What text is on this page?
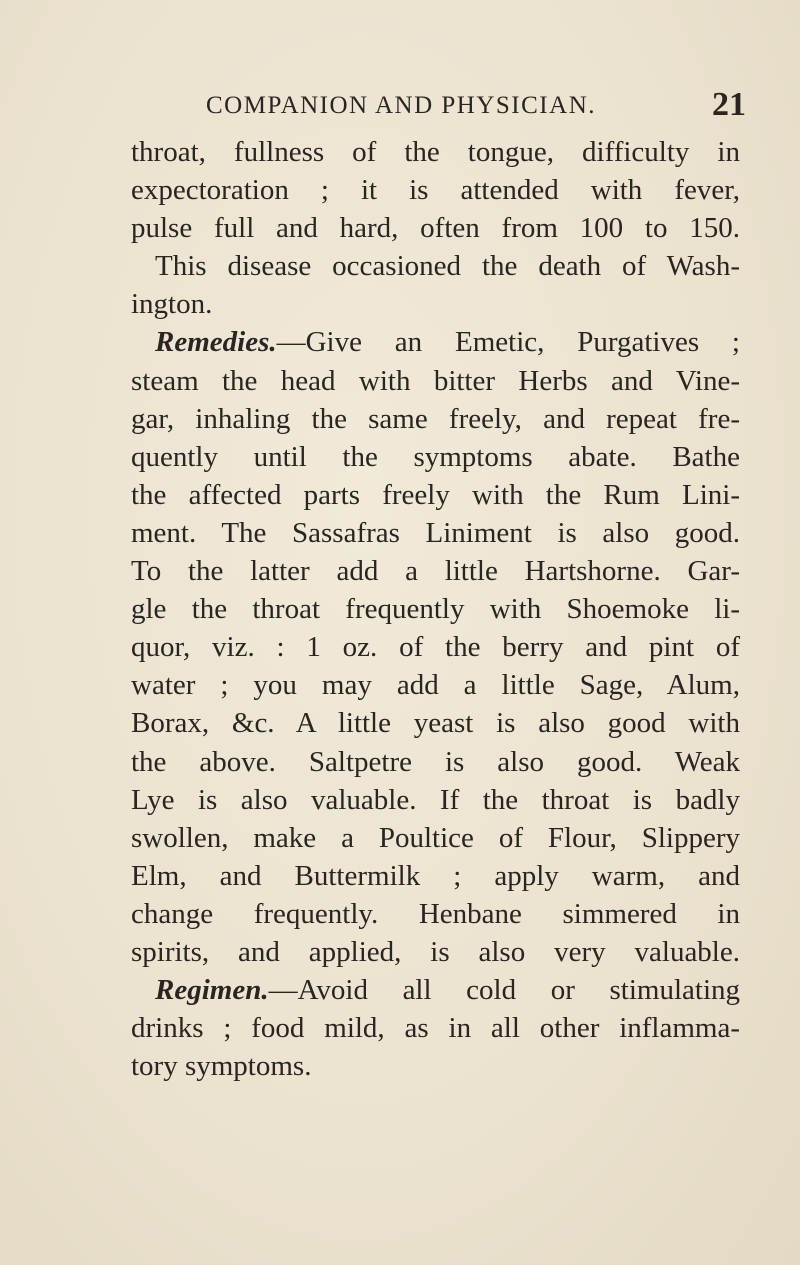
COMPANION AND PHYSICIAN.	21
throat, fullness of the tongue, difficulty in
expectoration ; it is attended with fever,
pulse full and hard, often from 100 to 150.
This disease occasioned the death of Wash-
ington.
Remedies.—Give an Emetic, Purgatives ;
steam the head with bitter Herbs and Vine-
gar, inhaling the same freely, and repeat fre-
quently until the symptoms abate. Bathe
the affected parts freely with the Rum Lini-
ment. The Sassafras Liniment is also good.
To the latter add a little Hartshorne. Gar-
gle the throat frequently with Shoemoke li-
quor, viz. : 1 oz. of the berry and pint of
water ; you may add a little Sage, Alum,
Borax, &c. A little yeast is also good with
the above. Saltpetre is also good. Weak
Lye is also valuable. If the throat is badly
swollen, make a Poultice of Flour, Slippery
Elm, and Buttermilk ; apply warm, and
change frequently. Henbane simmered in
spirits, and applied, is also very valuable.
Regimen.—Avoid all cold or stimulating
drinks ; food mild, as in all other inflamma-
tory symptoms.
